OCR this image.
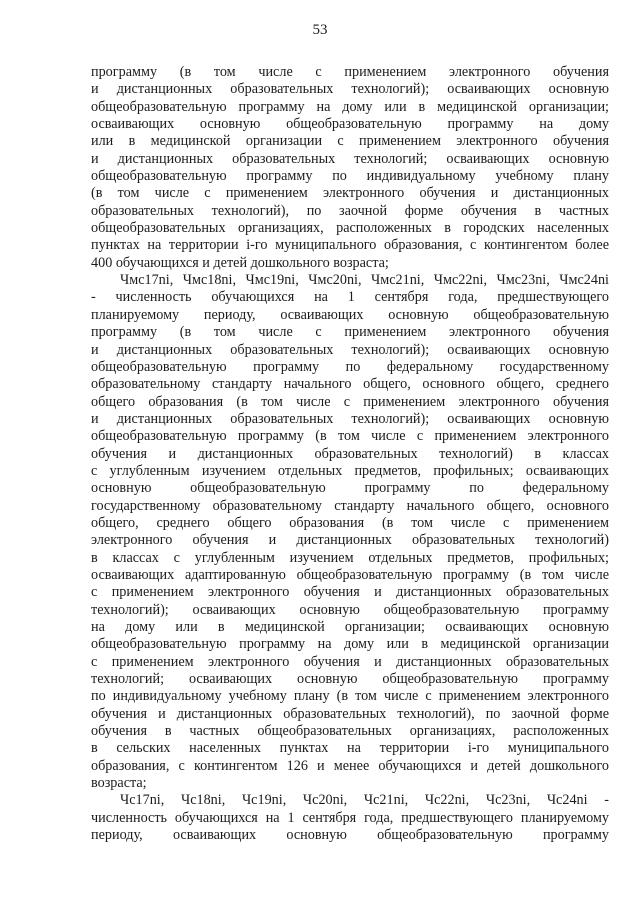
53
программу (в том числе с применением электронного обучения
и дистанционных образовательных технологий); осваивающих основную
общеобразовательную программу на дому или в медицинской организации;
осваивающих основную общеобразовательную программу на дому
или в медицинской организации с применением электронного обучения
и дистанционных образовательных технологий; осваивающих основную
общеобразовательную программу по индивидуальному учебному плану
(в том числе с применением электронного обучения и дистанционных
образовательных технологий), по заочной форме обучения в частных
общеобразовательных организациях, расположенных в городских населенных
пунктах на территории i-го муниципального образования, с контингентом более
400 обучающихся и детей дошкольного возраста;
Чмс17ni, Чмс18ni, Чмс19ni, Чмс20ni, Чмс21ni, Чмс22ni, Чмс23ni, Чмс24ni
- численность обучающихся на 1 сентября года, предшествующего
планируемому периоду, осваивающих основную общеобразовательную
программу (в том числе с применением электронного обучения
и дистанционных образовательных технологий); осваивающих основную
общеобразовательную программу по федеральному государственному
образовательному стандарту начального общего, основного общего, среднего
общего образования (в том числе с применением электронного обучения
и дистанционных образовательных технологий); осваивающих основную
общеобразовательную программу (в том числе с применением электронного
обучения и дистанционных образовательных технологий) в классах
с углубленным изучением отдельных предметов, профильных; осваивающих
основную общеобразовательную программу по федеральному
государственному образовательному стандарту начального общего, основного
общего, среднего общего образования (в том числе с применением
электронного обучения и дистанционных образовательных технологий)
в классах с углубленным изучением отдельных предметов, профильных;
осваивающих адаптированную общеобразовательную программу (в том числе
с применением электронного обучения и дистанционных образовательных
технологий); осваивающих основную общеобразовательную программу
на дому или в медицинской организации; осваивающих основную
общеобразовательную программу на дому или в медицинской организации
с применением электронного обучения и дистанционных образовательных
технологий; осваивающих основную общеобразовательную программу
по индивидуальному учебному плану (в том числе с применением электронного
обучения и дистанционных образовательных технологий), по заочной форме
обучения в частных общеобразовательных организациях, расположенных
в сельских населенных пунктах на территории i-го муниципального
образования, с контингентом 126 и менее обучающихся и детей дошкольного
возраста;
Чс17ni, Чс18ni, Чс19ni, Чс20ni, Чс21ni, Чс22ni, Чс23ni, Чс24ni -
численность обучающихся на 1 сентября года, предшествующего планируемому
периоду, осваивающих основную общеобразовательную программу
